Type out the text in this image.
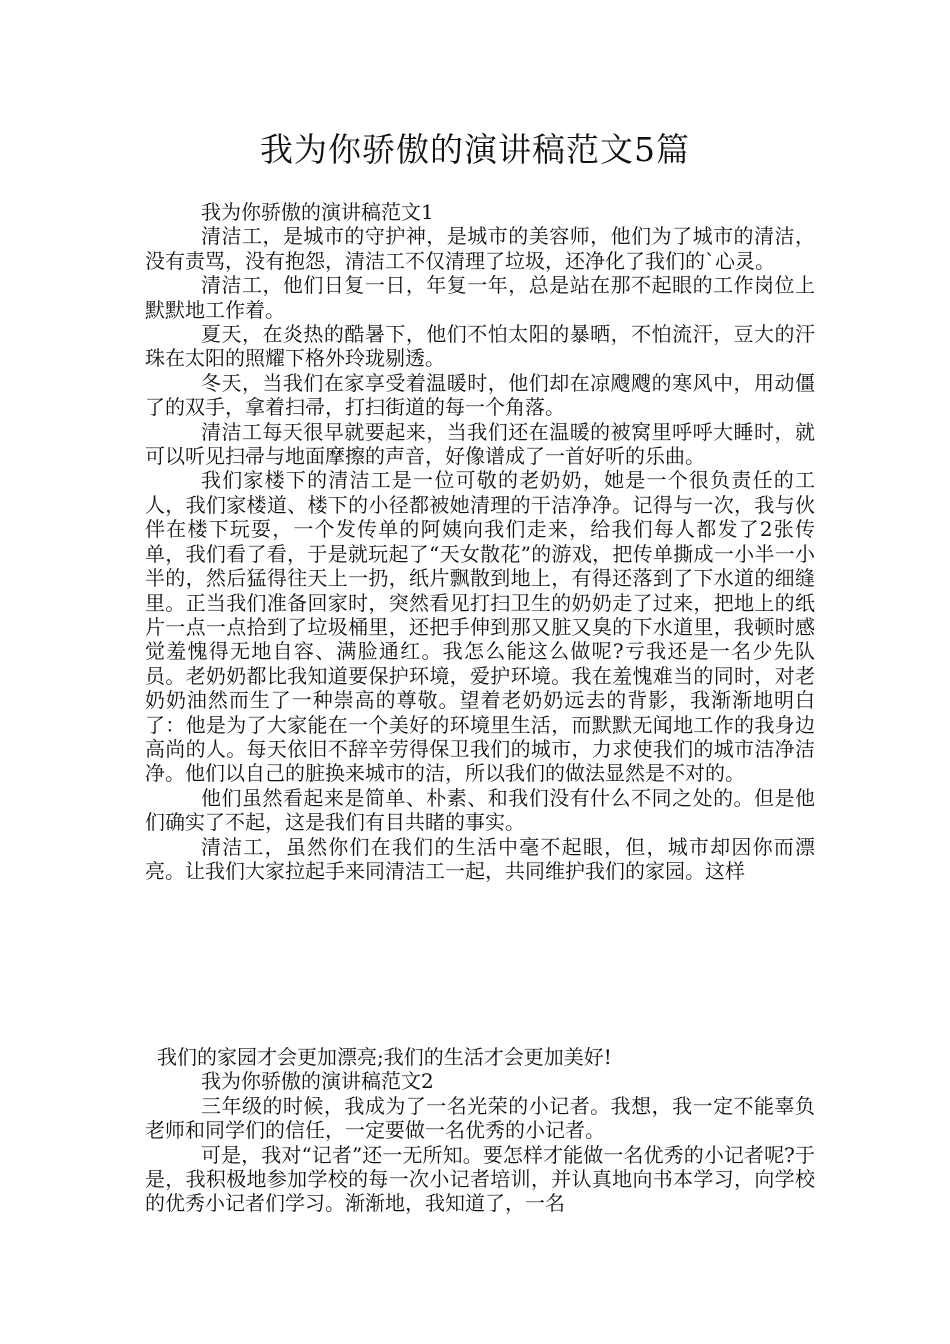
我为你骄傲的演讲稿范文5篇

我为你骄傲的演讲稿范文1

清洁工，是城市的守护神，是城市的美容师，他们为了城市的清洁，没有责骂，没有抱怨，清洁工不仅清理了垃圾，还净化了我们的`心灵。

清洁工，他们日复一日，年复一年，总是站在那不起眼的工作岗位上默默地工作着。

夏天，在炎热的酷暑下，他们不怕太阳的暴晒，不怕流汗，豆大的汗珠在太阳的照耀下格外玲珑剔透。

冬天，当我们在家享受着温暖时，他们却在凉飕飕的寒风中，用动僵了的双手，拿着扫帚，打扫街道的每一个角落。

清洁工每天很早就要起来，当我们还在温暖的被窝里呼呼大睡时，就可以听见扫帚与地面摩擦的声音，好像谱成了一首好听的乐曲。

我们家楼下的清洁工是一位可敬的老奶奶，她是一个很负责任的工人，我们家楼道、楼下的小径都被她清理的干洁净净。记得与一次，我与伙伴在楼下玩耍，一个发传单的阿姨向我们走来，给我们每人都发了2张传单，我们看了看，于是就玩起了“天女散花”的游戏，把传单撕成一小半一小半的，然后猛得往天上一扔，纸片飘散到地上，有得还落到了下水道的细缝里。正当我们准备回家时，突然看见打扫卫生的奶奶走了过来，把地上的纸片一点一点拾到了垃圾桶里，还把手伸到那又脏又臭的下水道里，我顿时感觉羞愧得无地自容、满脸通红。我怎么能这么做呢?亏我还是一名少先队员。老奶奶都比我知道要保护环境，爱护环境。我在羞愧难当的同时，对老奶奶油然而生了一种崇高的尊敬。望着老奶奶远去的背影，我渐渐地明白了：他是为了大家能在一个美好的环境里生活，而默默无闻地工作的我身边高尚的人。每天依旧不辞辛劳得保卫我们的城市，力求使我们的城市洁净洁净。他们以自己的脏换来城市的洁，所以我们的做法显然是不对的。

他们虽然看起来是简单、朴素、和我们没有什么不同之处的。但是他们确实了不起，这是我们有目共睹的事实。

清洁工，虽然你们在我们的生活中毫不起眼，但，城市却因你而漂亮。让我们大家拉起手来同清洁工一起，共同维护我们的家园。这样

我们的家园才会更加漂亮;我们的生活才会更加美好!

我为你骄傲的演讲稿范文2

三年级的时候，我成为了一名光荣的小记者。我想，我一定不能辜负老师和同学们的信任，一定要做一名优秀的小记者。

可是，我对“记者”还一无所知。要怎样才能做一名优秀的小记者呢?于是，我积极地参加学校的每一次小记者培训，并认真地向书本学习，向学校的优秀小记者们学习。渐渐地，我知道了，一名
